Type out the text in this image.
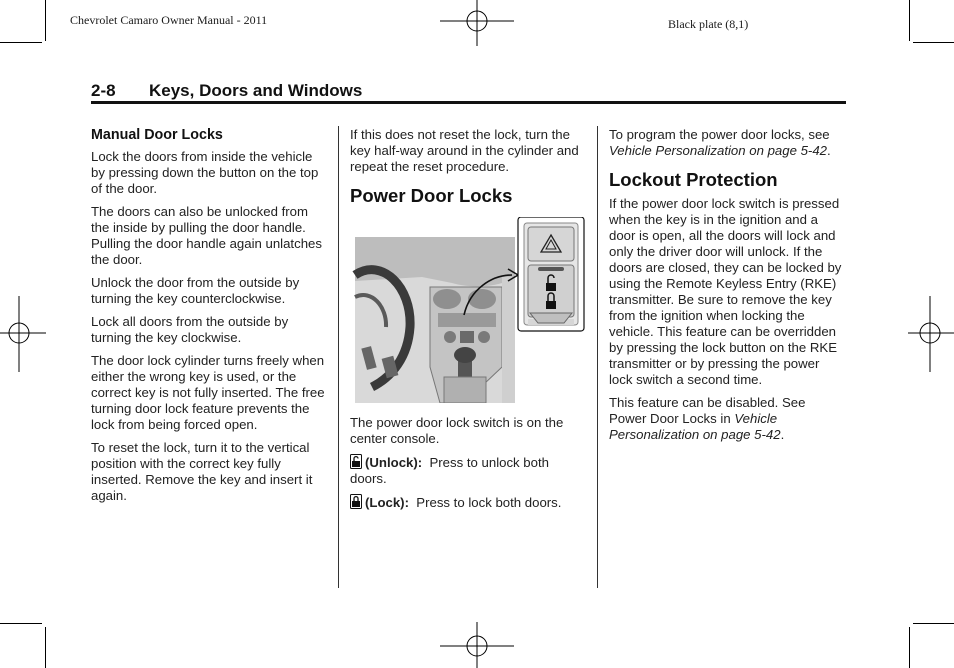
Chevrolet Camaro Owner Manual - 2011	Black plate (8,1)
2-8 Keys, Doors and Windows
Manual Door Locks

Lock the doors from inside the vehicle by pressing down the button on the top of the door.

The doors can also be unlocked from the inside by pulling the door handle. Pulling the door handle again unlatches the door.

Unlock the door from the outside by turning the key counterclockwise.

Lock all doors from the outside by turning the key clockwise.

The door lock cylinder turns freely when either the wrong key is used, or the correct key is not fully inserted. The free turning door lock feature prevents the lock from being forced open.

To reset the lock, turn it to the vertical position with the correct key fully inserted. Remove the key and insert it again.

If this does not reset the lock, turn the key half-way around in the cylinder and repeat the reset procedure.

Power Door Locks

The power door lock switch is on the center console.

(Unlock): Press to unlock both doors.

(Lock): Press to lock both doors.

To program the power door locks, see Vehicle Personalization on page 5-42.

Lockout Protection

If the power door lock switch is pressed when the key is in the ignition and a door is open, all the doors will lock and only the driver door will unlock. If the doors are closed, they can be locked by using the Remote Keyless Entry (RKE) transmitter. Be sure to remove the key from the ignition when locking the vehicle. This feature can be overridden by pressing the lock button on the RKE transmitter or by pressing the power lock switch a second time.

This feature can be disabled. See Power Door Locks in Vehicle Personalization on page 5-42.
